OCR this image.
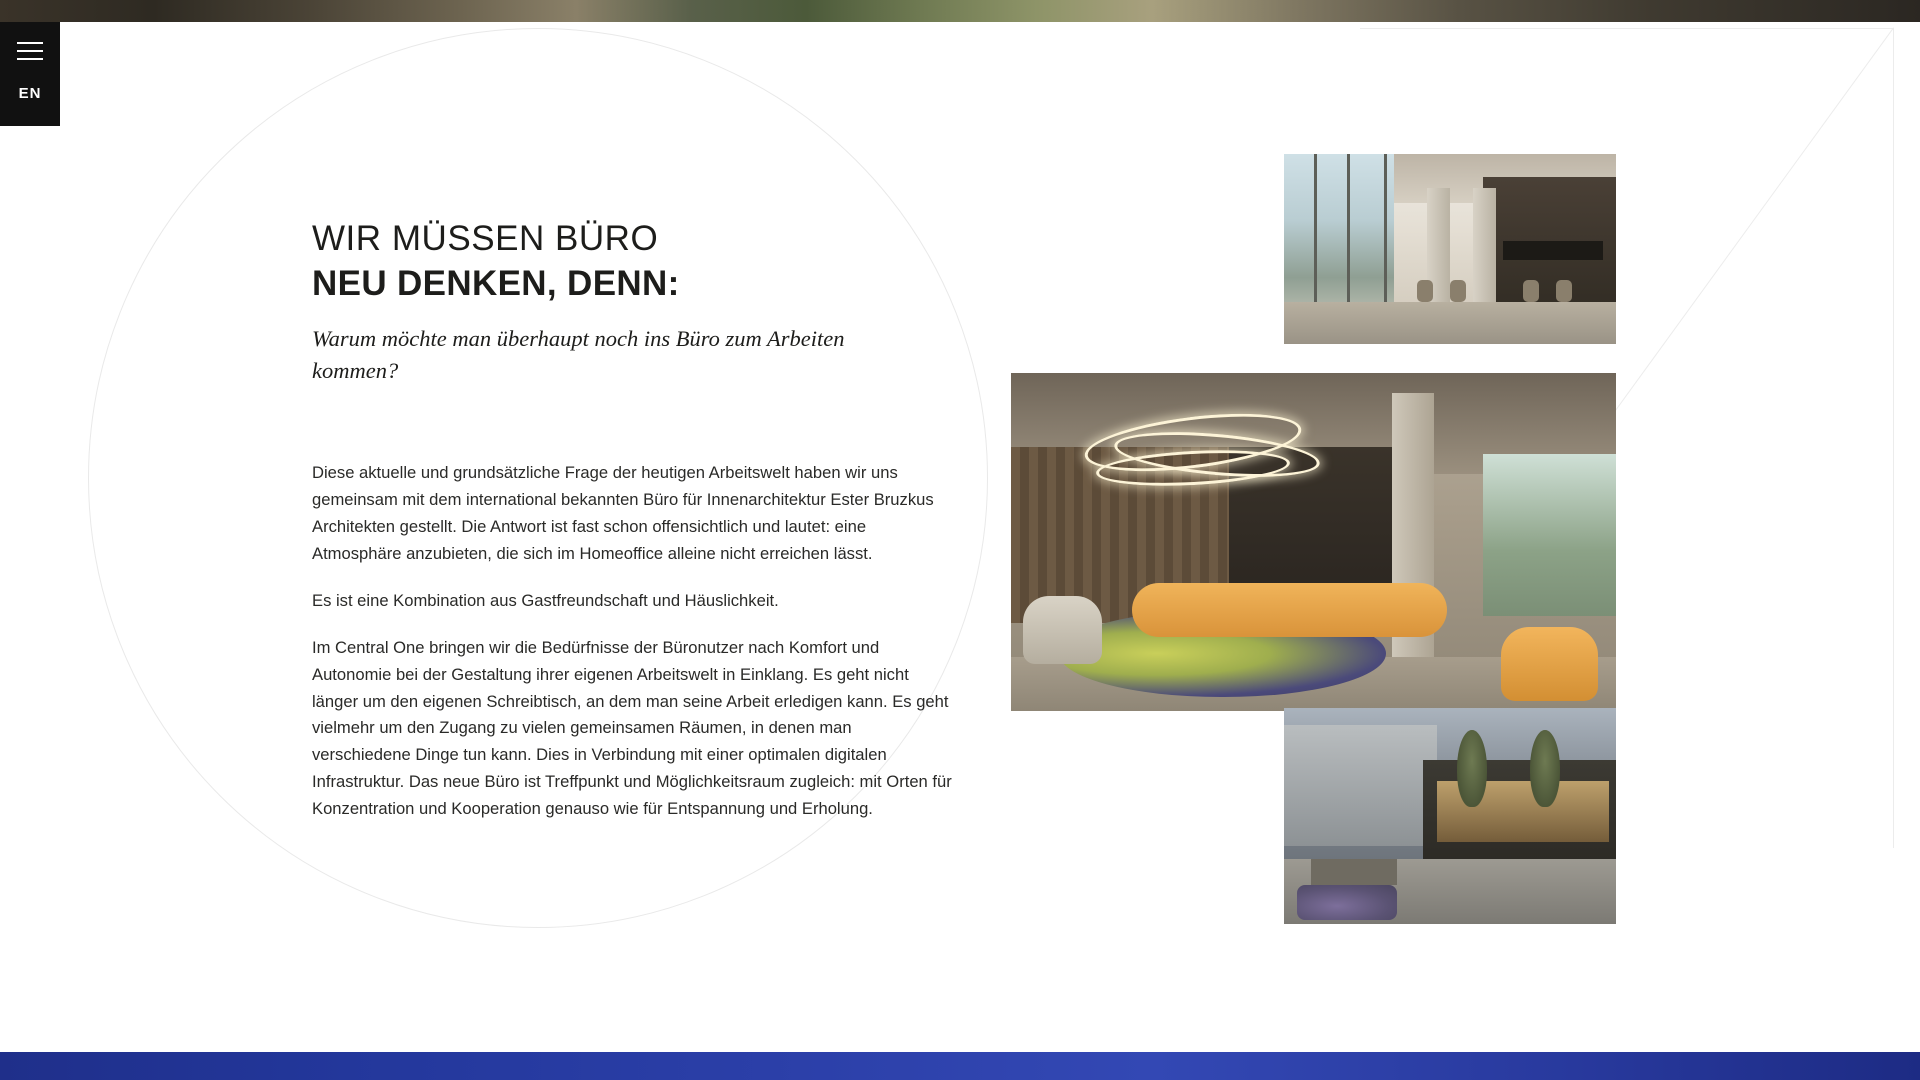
EN
WIR MÜSSEN BÜRO
NEU DENKEN, DENN:
Warum möchte man überhaupt noch ins Büro zum Arbeiten kommen?

Diese aktuelle und grundsätzliche Frage der heutigen Arbeitswelt haben wir uns gemeinsam mit dem international bekannten Büro für Innenarchitektur Ester Bruzkus Architekten gestellt. Die Antwort ist fast schon offensichtlich und lautet: eine Atmosphäre anzubieten, die sich im Homeoffice alleine nicht erreichen lässt.

Es ist eine Kombination aus Gastfreundschaft und Häuslichkeit.

Im Central One bringen wir die Bedürfnisse der Büronutzer nach Komfort und Autonomie bei der Gestaltung ihrer eigenen Arbeitswelt in Einklang. Es geht nicht länger um den eigenen Schreibtisch, an dem man seine Arbeit erledigen kann. Es geht vielmehr um den Zugang zu vielen gemeinsamen Räumen, in denen man verschiedene Dinge tun kann. Dies in Verbindung mit einer optimalen digitalen Infrastruktur. Das neue Büro ist Treffpunkt und Möglichkeitsraum zugleich: mit Orten für Konzentration und Kooperation genauso wie für Entspannung und Erholung.
